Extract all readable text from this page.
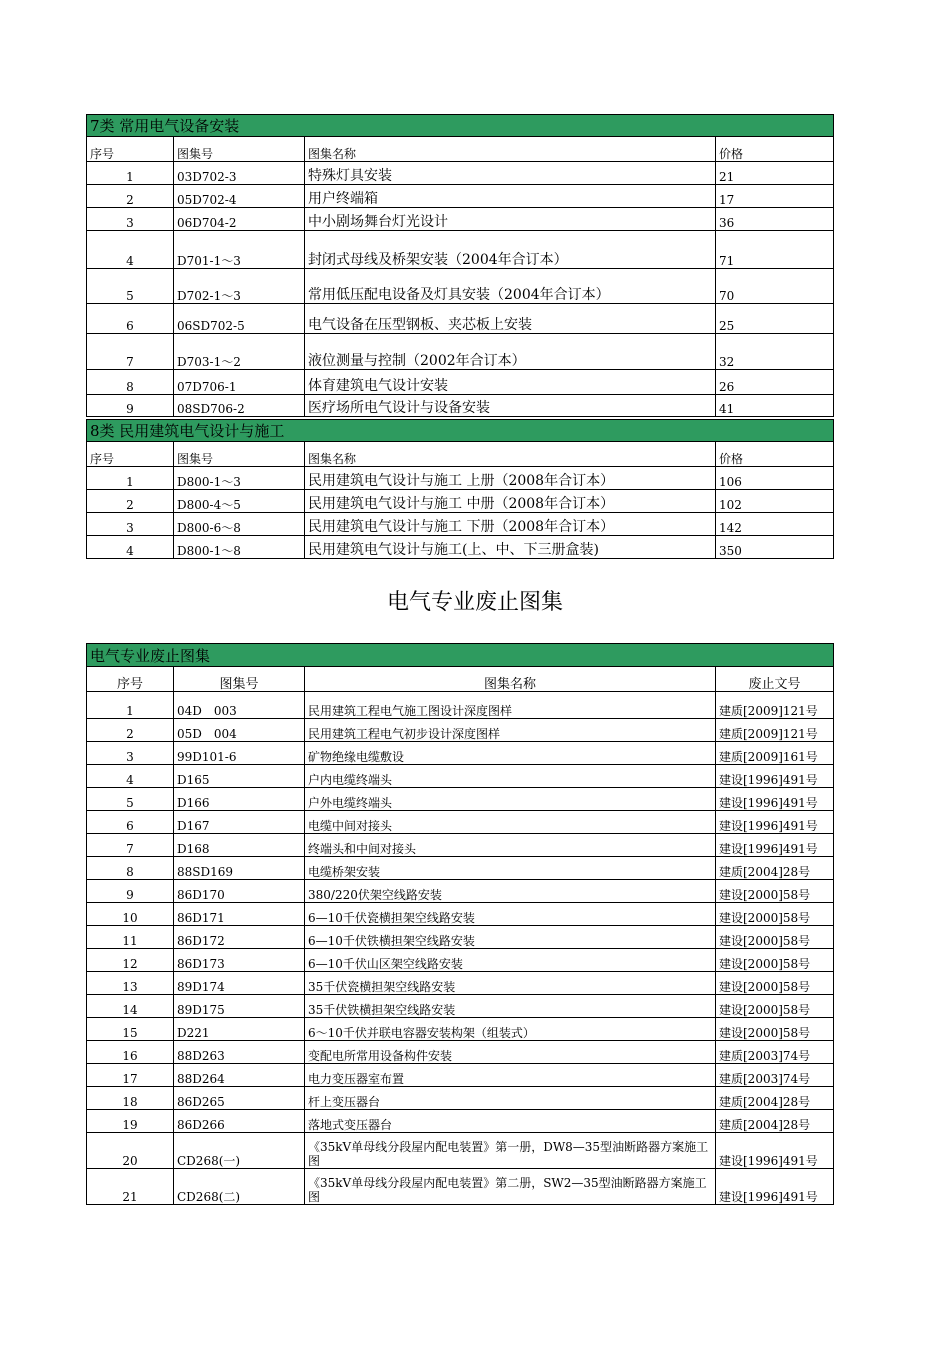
7类 常用电气设备安装			
序号	图集号	图集名称	价格
1	03D702-3	特殊灯具安装	21
2	05D702-4	用户终端箱	17
3	06D704-2	中小剧场舞台灯光设计	36
4	D701-1～3	封闭式母线及桥架安装（2004年合订本）	71
5	D702-1～3	常用低压配电设备及灯具安装（2004年合订本）	70
6	06SD702-5	电气设备在压型钢板、夹芯板上安装	25
7	D703-1～2	液位测量与控制（2002年合订本）	32
8	07D706-1	体育建筑电气设计安装	26
9	08SD706-2	医疗场所电气设计与设备安装	41
8类 民用建筑电气设计与施工			
序号	图集号	图集名称	价格
1	D800-1～3	民用建筑电气设计与施工 上册（2008年合订本）	106
2	D800-4～5	民用建筑电气设计与施工 中册（2008年合订本）	102
3	D800-6～8	民用建筑电气设计与施工 下册（2008年合订本）	142
4	D800-1～8	民用建筑电气设计与施工(上、中、下三册盒装)	350
电气专业废止图集
电气专业废止图集			
序号	图集号	图集名称	废止文号
1	04D　003	民用建筑工程电气施工图设计深度图样	建质[2009]121号
2	05D　004	民用建筑工程电气初步设计深度图样	建质[2009]121号
3	99D101-6	矿物绝缘电缆敷设	建质[2009]161号
4	D165	户内电缆终端头	建设[1996]491号
5	D166	户外电缆终端头	建设[1996]491号
6	D167	电缆中间对接头	建设[1996]491号
7	D168	终端头和中间对接头	建设[1996]491号
8	88SD169	电缆桥架安装	建质[2004]28号
9	86D170	380/220伏架空线路安装	建设[2000]58号
10	86D171	6—10千伏瓷横担架空线路安装	建设[2000]58号
11	86D172	6—10千伏铁横担架空线路安装	建设[2000]58号
12	86D173	6—10千伏山区架空线路安装	建设[2000]58号
13	89D174	35千伏瓷横担架空线路安装	建设[2000]58号
14	89D175	35千伏铁横担架空线路安装	建设[2000]58号
15	D221	6～10千伏并联电容器安装构架（组装式）	建设[2000]58号
16	88D263	变配电所常用设备构件安装	建质[2003]74号
17	88D264	电力变压器室布置	建质[2003]74号
18	86D265	杆上变压器台	建质[2004]28号
19	86D266	落地式变压器台	建质[2004]28号
20	CD268(一)	《35kV单母线分段屋内配电装置》第一册，DW8—35型油断路器方案施工图	建设[1996]491号
21	CD268(二)	《35kV单母线分段屋内配电装置》第二册，SW2—35型油断路器方案施工图	建设[1996]491号
